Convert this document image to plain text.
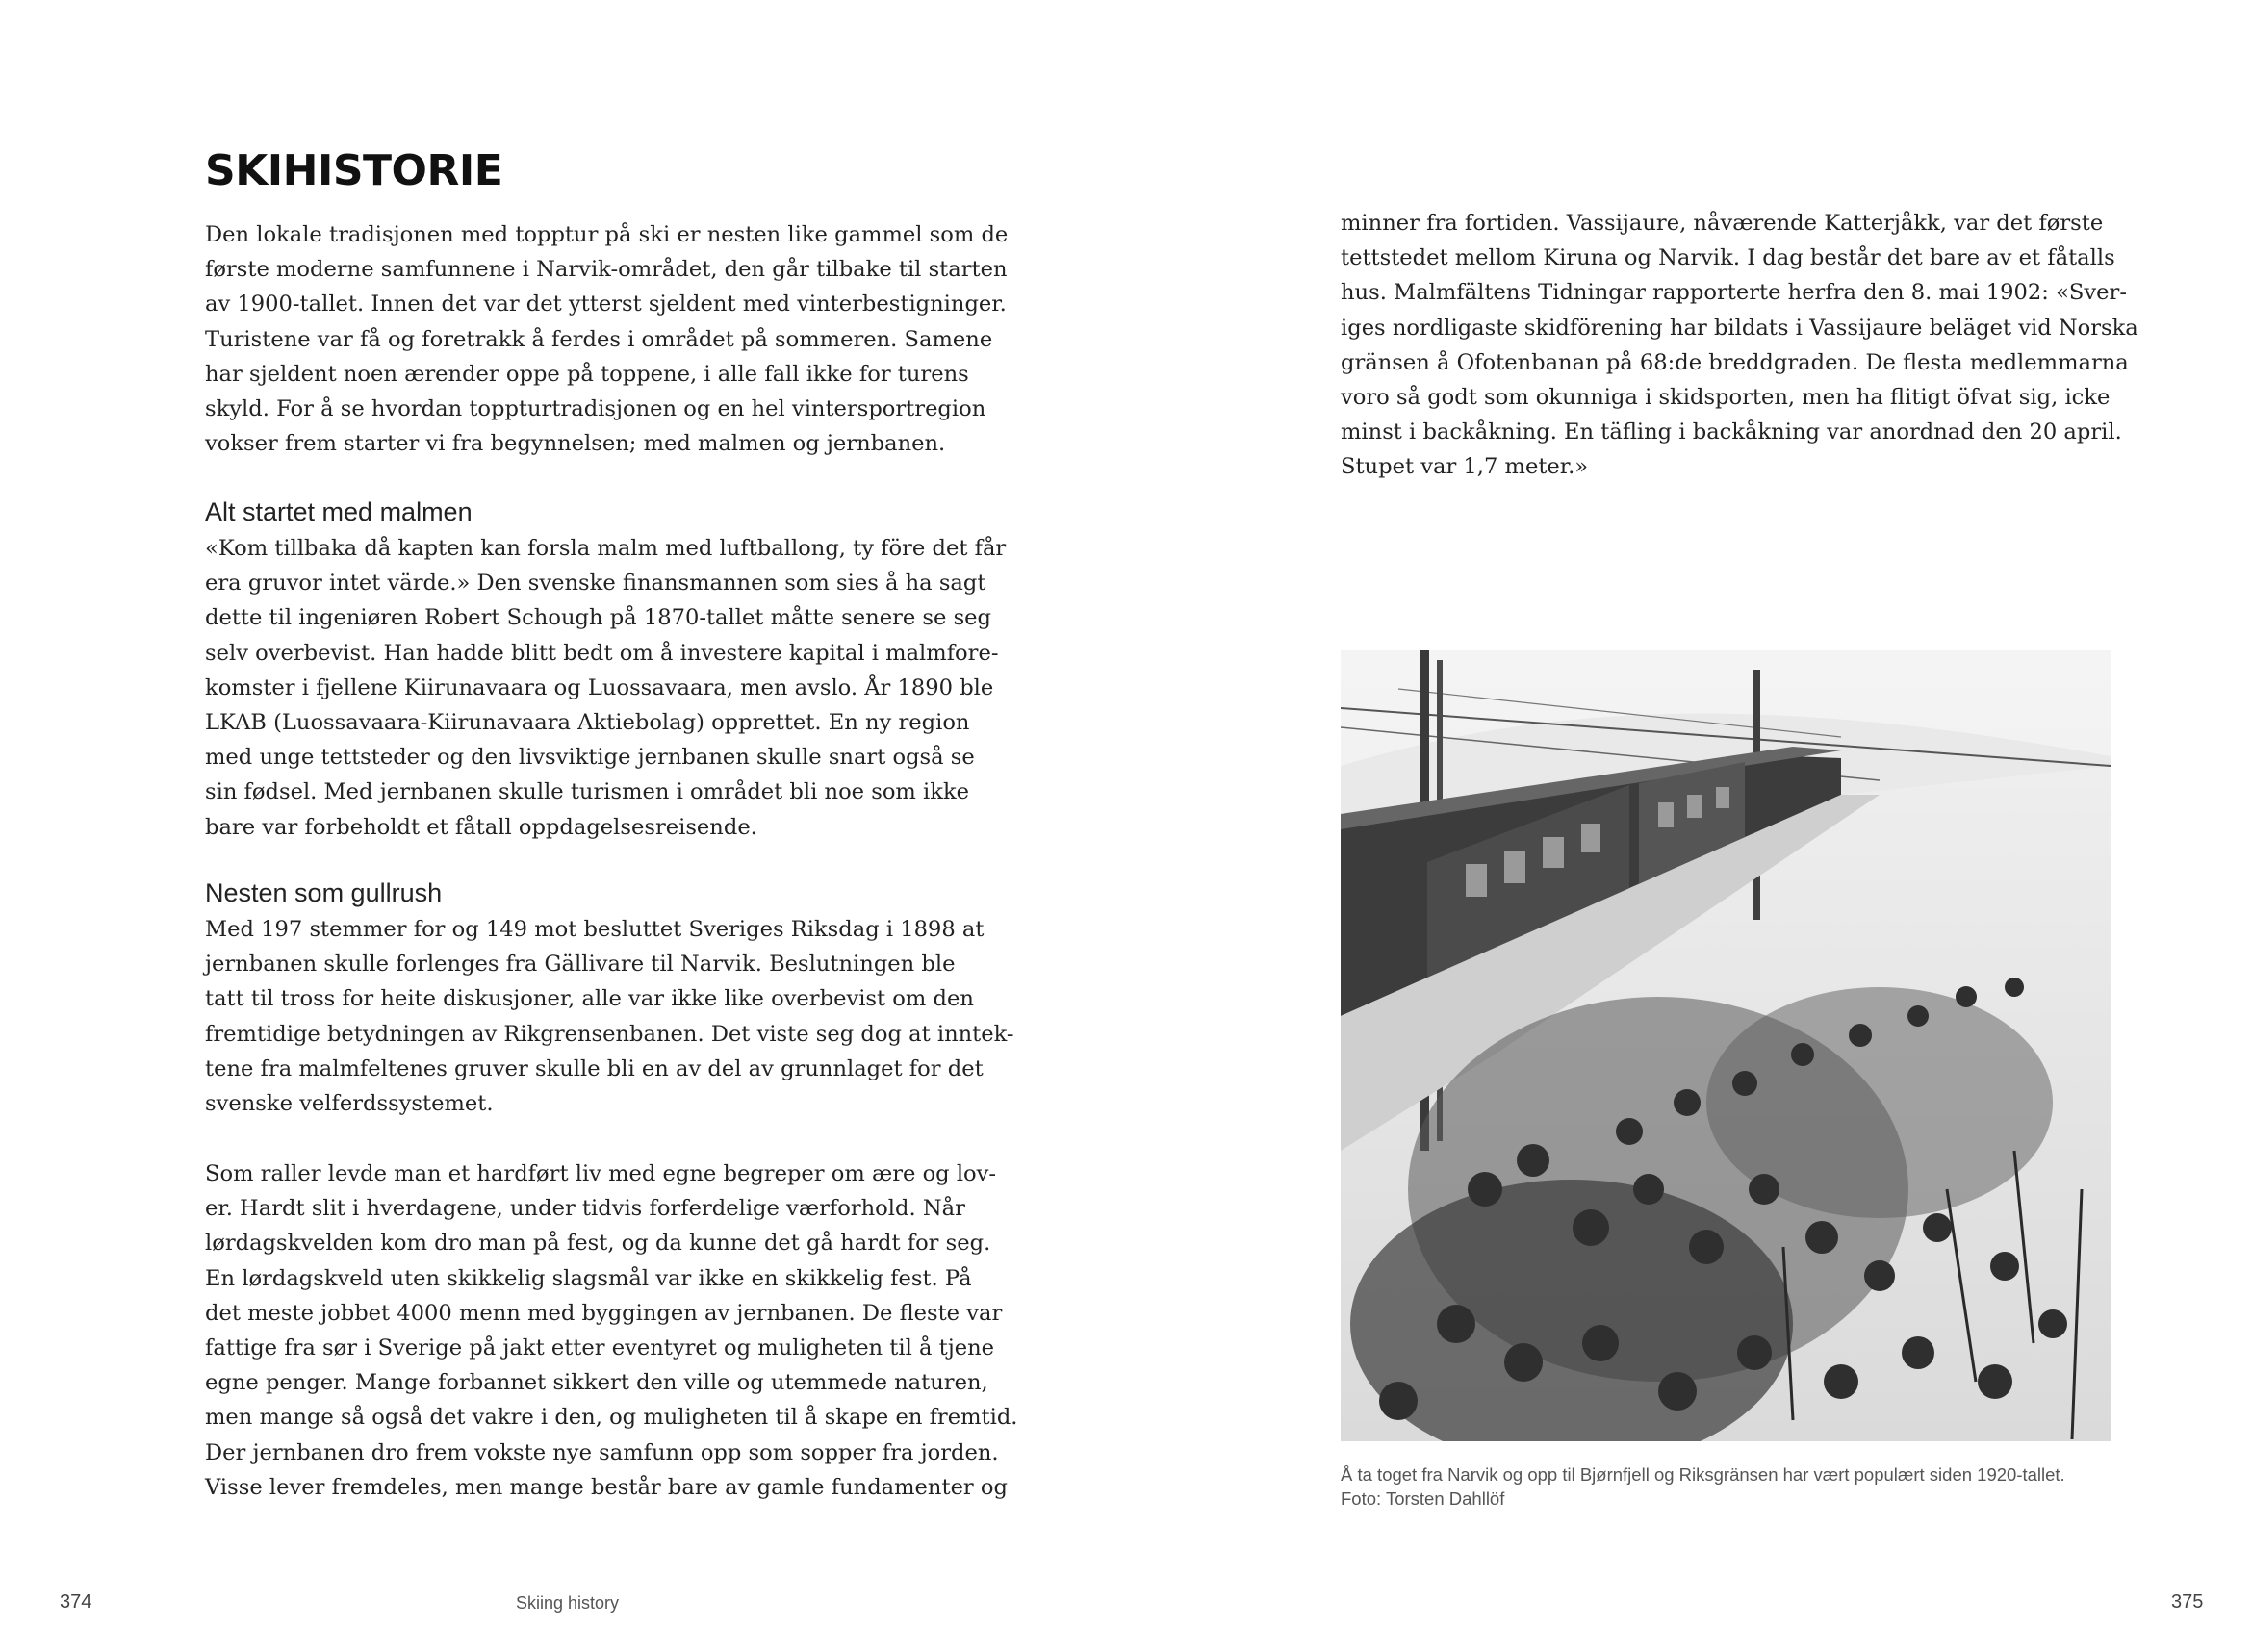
SKIHISTORIE
Den lokale tradisjonen med topptur på ski er nesten like gammel som de
første moderne samfunnene i Narvik-området, den går tilbake til starten
av 1900-tallet. Innen det var det ytterst sjeldent med vinterbestigninger.
Turistene var få og foretrakk å ferdes i området på sommeren. Samene
har sjeldent noen ærender oppe på toppene, i alle fall ikke for turens
skyld. For å se hvordan toppturtradisjonen og en hel vintersportregion
vokser frem starter vi fra begynnelsen; med malmen og jernbanen.
Alt startet med malmen
«Kom tillbaka då kapten kan forsla malm med luftballong, ty före det får
era gruvor intet värde.» Den svenske finansmannen som sies å ha sagt
dette til ingeniøren Robert Schough på 1870-tallet måtte senere se seg
selv overbevist. Han hadde blitt bedt om å investere kapital i malmfore-
komster i fjellene Kiirunavaara og Luossavaara, men avslo. År 1890 ble
LKAB (Luossavaara-Kiirunavaara Aktiebolag) opprettet. En ny region
med unge tettsteder og den livsviktige jernbanen skulle snart også se
sin fødsel. Med jernbanen skulle turismen i området bli noe som ikke
bare var forbeholdt et fåtall oppdagelsesreisende.
Nesten som gullrush
Med 197 stemmer for og 149 mot besluttet Sveriges Riksdag i 1898 at
jernbanen skulle forlenges fra Gällivare til Narvik. Beslutningen ble
tatt til tross for heite diskusjoner, alle var ikke like overbevist om den
fremtidige betydningen av Rikgrensenbanen. Det viste seg dog at inntek-
tene fra malmfeltenes gruver skulle bli en av del av grunnlaget for det
svenske velferdssystemet.
Som raller levde man et hardført liv med egne begreper om ære og lov-
er. Hardt slit i hverdagene, under tidvis forferdelige værforhold. Når
lørdagskvelden kom dro man på fest, og da kunne det gå hardt for seg.
En lørdagskveld uten skikkelig slagsmål var ikke en skikkelig fest. På
det meste jobbet 4000 menn med byggingen av jernbanen. De fleste var
fattige fra sør i Sverige på jakt etter eventyret og muligheten til å tjene
egne penger. Mange forbannet sikkert den ville og utemmede naturen,
men mange så også det vakre i den, og muligheten til å skape en fremtid.
Der jernbanen dro frem vokste nye samfunn opp som sopper fra jorden.
Visse lever fremdeles, men mange består bare av gamle fundamenter og
374	Skiing history
minner fra fortiden. Vassijaure, nåværende Katterjåkk, var det første
tettstedet mellom Kiruna og Narvik. I dag består det bare av et fåtalls
hus. Malmfältens Tidningar rapporterte herfra den 8. mai 1902: «Sver-
iges nordligaste skidförening har bildats i Vassijaure beläget vid Norska
gränsen å Ofotenbanan på 68:de breddgraden. De flesta medlemmarna
voro så godt som okunniga i skidsporten, men ha flitigt öfvat sig, icke
minst i backåkning. En täfling i backåkning var anordnad den 20 april.
Stupet var 1,7 meter.»
Å ta toget fra Narvik og opp til Bjørnfjell og Riksgränsen har vært populært siden 1920-tallet.
Foto: Torsten Dahllöf
375
